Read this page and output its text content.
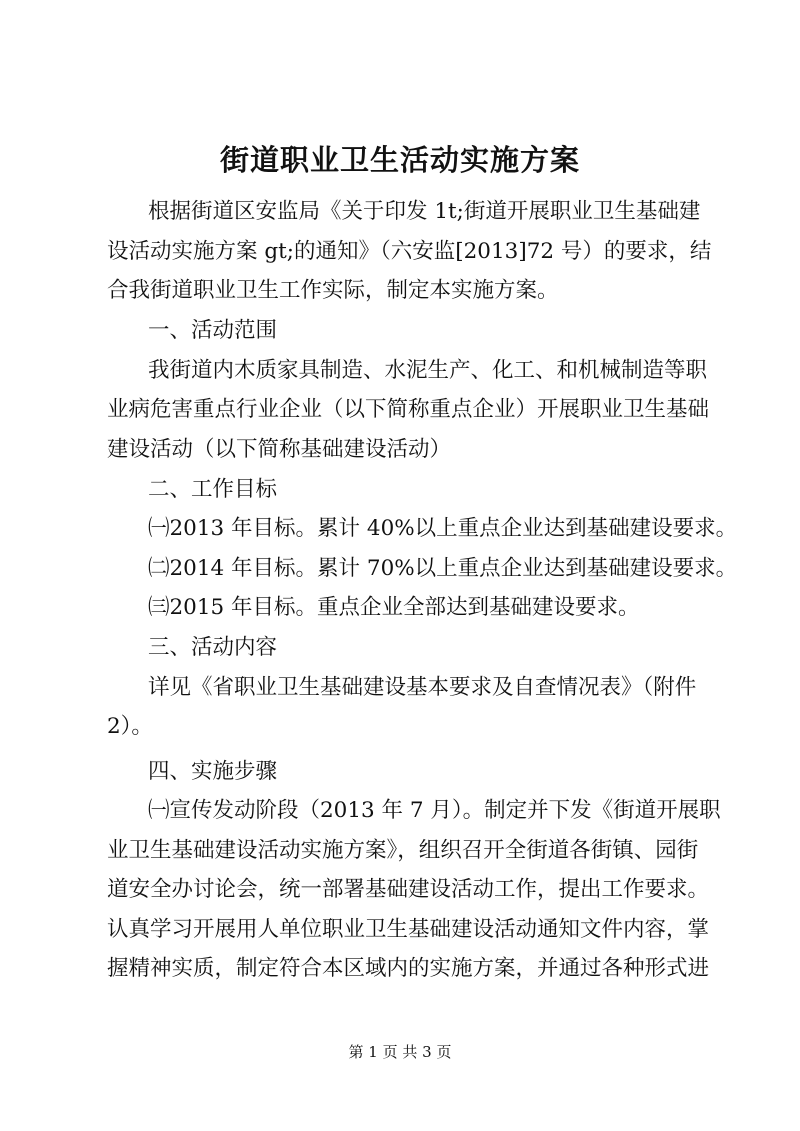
街道职业卫生活动实施方案
根据街道区安监局《关于印发 1t;街道开展职业卫生基础建
设活动实施方案 gt;的通知》（六安监[2013]72 号）的要求，结
合我街道职业卫生工作实际，制定本实施方案。
一、活动范围
我街道内木质家具制造、水泥生产、化工、和机械制造等职
业病危害重点行业企业（以下简称重点企业）开展职业卫生基础
建设活动（以下简称基础建设活动）
二、工作目标
㈠2013 年目标。累计 40%以上重点企业达到基础建设要求。
㈡2014 年目标。累计 70%以上重点企业达到基础建设要求。
㈢2015 年目标。重点企业全部达到基础建设要求。
三、活动内容
详见《省职业卫生基础建设基本要求及自查情况表》（附件
2）。
四、实施步骤
㈠宣传发动阶段（2013 年 7 月）。制定并下发《街道开展职
业卫生基础建设活动实施方案》，组织召开全街道各街镇、园街
道安全办讨论会，统一部署基础建设活动工作，提出工作要求。
认真学习开展用人单位职业卫生基础建设活动通知文件内容，掌
握精神实质，制定符合本区域内的实施方案，并通过各种形式进
第 1 页 共 3 页
